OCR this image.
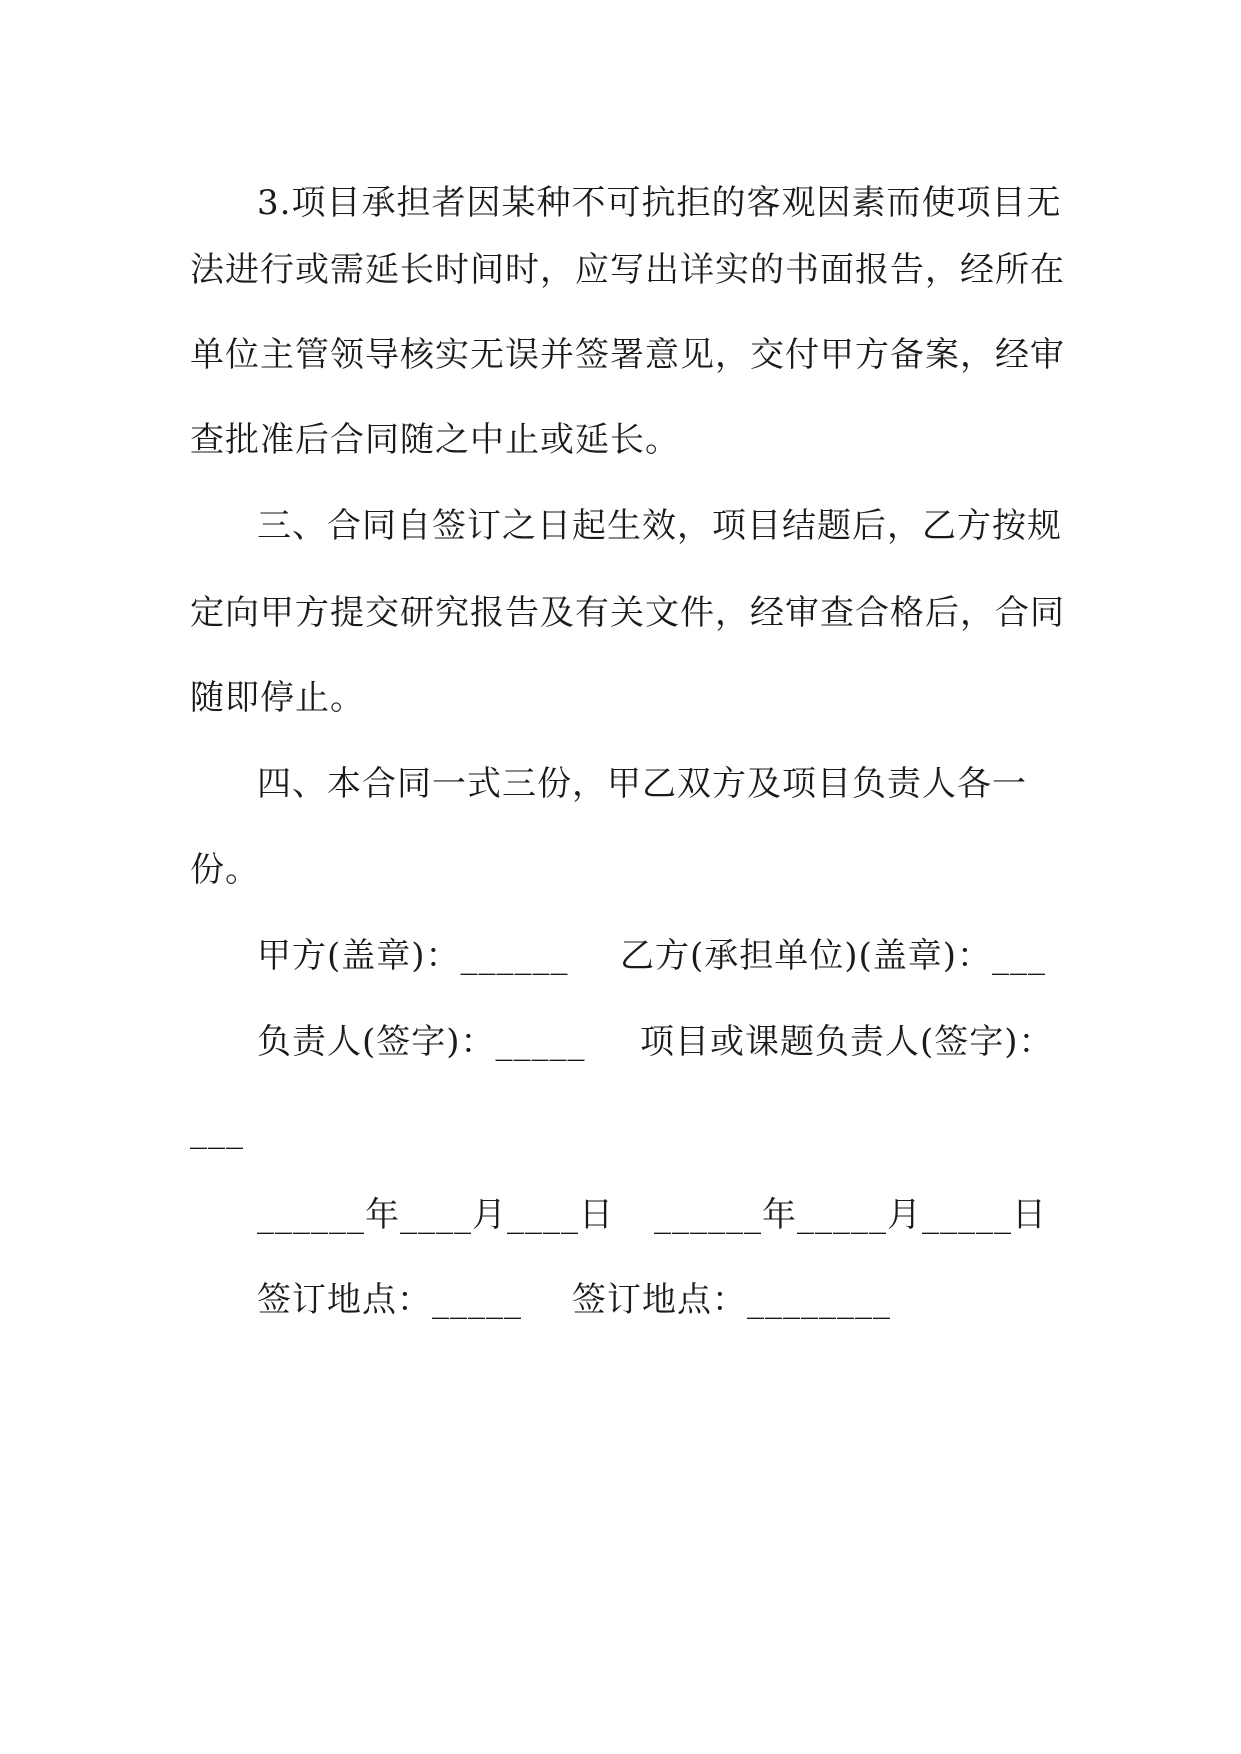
3.项目承担者因某种不可抗拒的客观因素而使项目无
法进行或需延长时间时，应写出详实的书面报告，经所在
单位主管领导核实无误并签署意见，交付甲方备案，经审
查批准后合同随之中止或延长。
三、合同自签订之日起生效，项目结题后，乙方按规
定向甲方提交研究报告及有关文件，经审查合格后，合同
随即停止。
四、本合同一式三份，甲乙双方及项目负责人各一
份。
甲方(盖章)：______ 乙方(承担单位)(盖章)：___
负责人(签字)：_____ 项目或课题负责人(签字)：
___
______年____月____日 ______年_____月_____日
签订地点：_____ 签订地点：________
